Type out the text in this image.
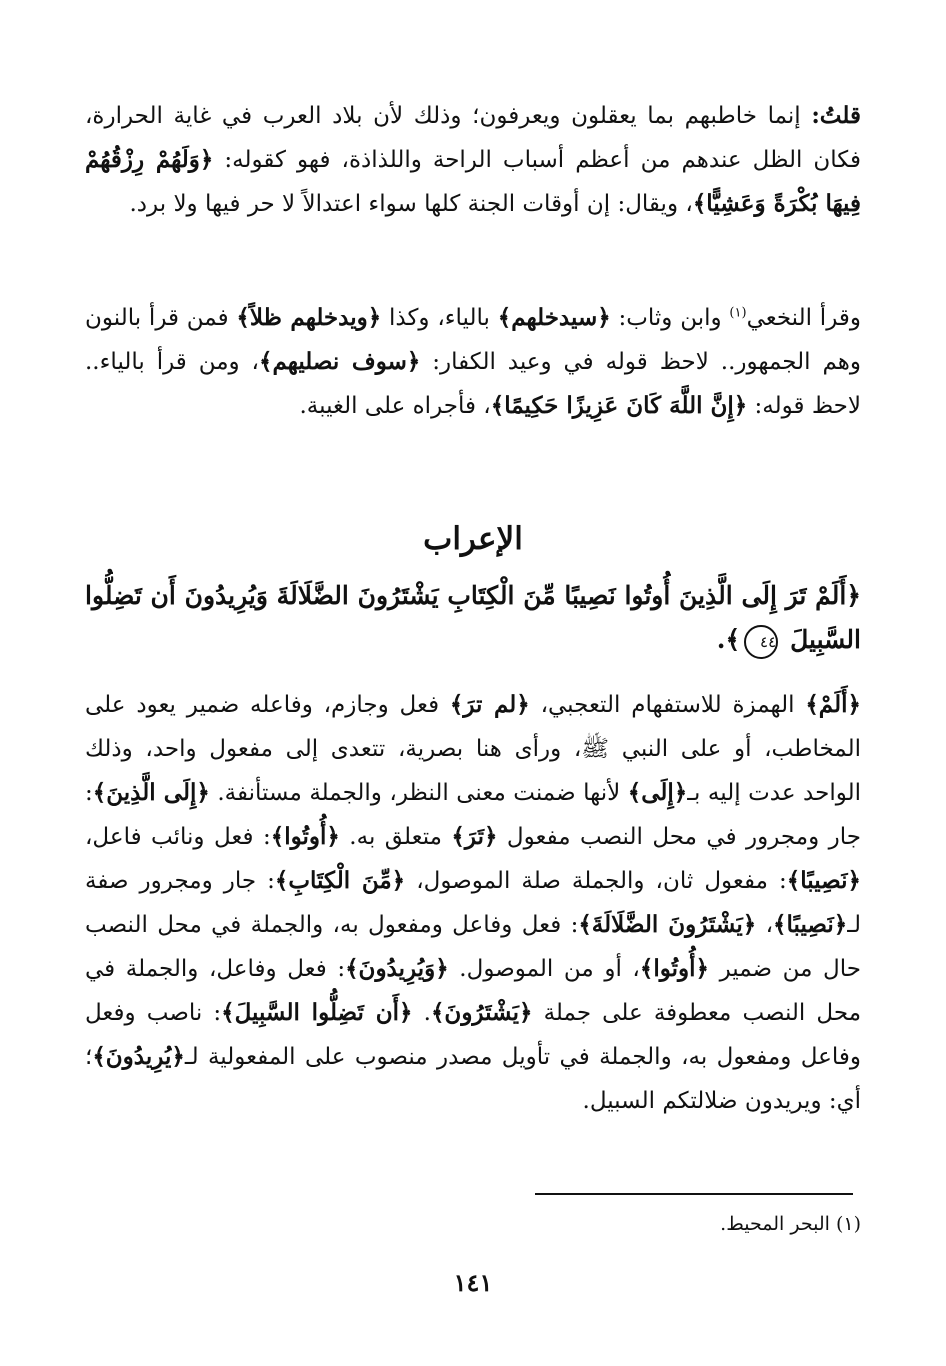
قلتُ: إنما خاطبهم بما يعقلون ويعرفون؛ وذلك لأن بلاد العرب في غاية الحرارة، فكان الظل عندهم من أعظم أسباب الراحة واللذاذة، فهو كقوله: ﴿وَلَهُمْ رِزْقُهُمْ فِيهَا بُكْرَةً وَعَشِيًّا﴾، ويقال: إن أوقات الجنة كلها سواء اعتدالاً لا حر فيها ولا برد.

وقرأ النخعي$^{(١)}$ وابن وثاب: ﴿سيدخلهم﴾ بالياء، وكذا ﴿ويدخلهم ظلاً﴾ فمن قرأ بالنون وهم الجمهور.. لاحظ قوله في وعيد الكفار: ﴿سوف نصليهم﴾، ومن قرأ بالياء.. لاحظ قوله: ﴿إِنَّ اللَّهَ كَانَ عَزِيزًا حَكِيمًا﴾، فأجراه على الغيبة.

الإعراب

﴿أَلَمْ تَرَ إِلَى الَّذِينَ أُوتُوا نَصِيبًا مِّنَ الْكِتَابِ يَشْتَرُونَ الضَّلَالَةَ وَيُرِيدُونَ أَن تَضِلُّوا السَّبِيلَ ٤٤﴾.

﴿أَلَمْ﴾ الهمزة للاستفهام التعجبي، ﴿لم ترَ﴾ فعل وجازم، وفاعله ضمير يعود على المخاطب، أو على النبي ﷺ، ورأى هنا بصرية، تتعدى إلى مفعول واحد، وذلك الواحد عدت إليه بـ﴿إِلَى﴾ لأنها ضمنت معنى النظر، والجملة مستأنفة. ﴿إِلَى الَّذِينَ﴾: جار ومجرور في محل النصب مفعول ﴿تَرَ﴾ متعلق به. ﴿أُوتُوا﴾: فعل ونائب فاعل، ﴿نَصِيبًا﴾: مفعول ثان، والجملة صلة الموصول، ﴿مِّنَ الْكِتَابِ﴾: جار ومجرور صفة لـ﴿نَصِيبًا﴾، ﴿يَشْتَرُونَ الضَّلَالَةَ﴾: فعل وفاعل ومفعول به، والجملة في محل النصب حال من ضمير ﴿أُوتُوا﴾، أو من الموصول. ﴿وَيُرِيدُونَ﴾: فعل وفاعل، والجملة في محل النصب معطوفة على جملة ﴿يَشْتَرُونَ﴾. ﴿أَن تَضِلُّوا السَّبِيلَ﴾: ناصب وفعل وفاعل ومفعول به، والجملة في تأويل مصدر منصوب على المفعولية لـ﴿يُرِيدُونَ﴾؛ أي: ويريدون ضلالتكم السبيل.

(١) البحر المحيط.

١٤١
